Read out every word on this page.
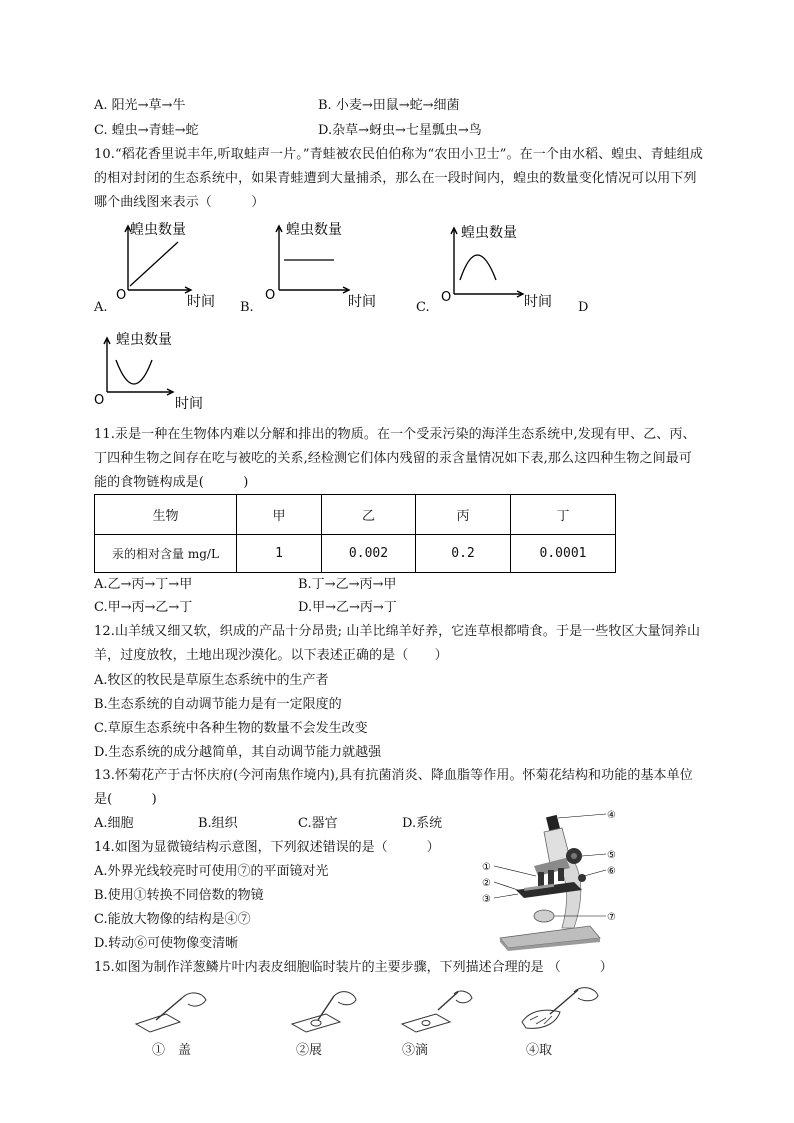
A. 阳光→草→牛	B. 小麦→田鼠→蛇→细菌
C. 蝗虫→青蛙→蛇	D.杂草→蚜虫→七星瓢虫→鸟
10.“稻花香里说丰年,听取蛙声一片。”青蛙被农民伯伯称为“农田小卫士”。在一个由水稻、蝗虫、青蛙组成的相对封闭的生态系统中，如果青蛙遭到大量捕杀，那么在一段时间内，蝗虫的数量变化情况可以用下列哪个曲线图来表示（　　　）
蝗虫数量
O	时间
A.
蝗虫数量
O	时间
B.
蝗虫数量
O	时间
C.	D
蝗虫数量
O	时间
11.汞是一种在生物体内难以分解和排出的物质。在一个受汞污染的海洋生态系统中,发现有甲、乙、丙、丁四种生物之间存在吃与被吃的关系,经检测它们体内残留的汞含量情况如下表,那么这四种生物之间最可能的食物链构成是(　　　)
生物	甲	乙	丙	丁
汞的相对含量 mg/L	1	0.002	0.2	0.0001
A.乙→丙→丁→甲	B.丁→乙→丙→甲
C.甲→丙→乙→丁	D.甲→乙→丙→丁
12.山羊绒又细又软，织成的产品十分昂贵; 山羊比绵羊好养，它连草根都啃食。于是一些牧区大量饲养山羊，过度放牧，土地出现沙漠化。以下表述正确的是（　　）
A.牧区的牧民是草原生态系统中的生产者
B.生态系统的自动调节能力是有一定限度的
C.草原生态系统中各种生物的数量不会发生改变
D.生态系统的成分越简单，其自动调节能力就越强
13.怀菊花产于古怀庆府(今河南焦作境内),具有抗菌消炎、降血脂等作用。怀菊花结构和功能的基本单位是(　　　)
A.细胞	B.组织	C.器官	D.系统
14.如图为显微镜结构示意图，下列叙述错误的是（　　　）
A.外界光线较亮时可使用⑦的平面镜对光
B.使用①转换不同倍数的物镜
C.能放大物像的结构是④⑦
D.转动⑥可使物像变清晰
④
⑤
⑥
⑦
①
②
③
15.如图为制作洋葱鳞片叶内表皮细胞临时装片的主要步骤，下列描述合理的是 （　　　）
①　盖	②展	③滴	④取
